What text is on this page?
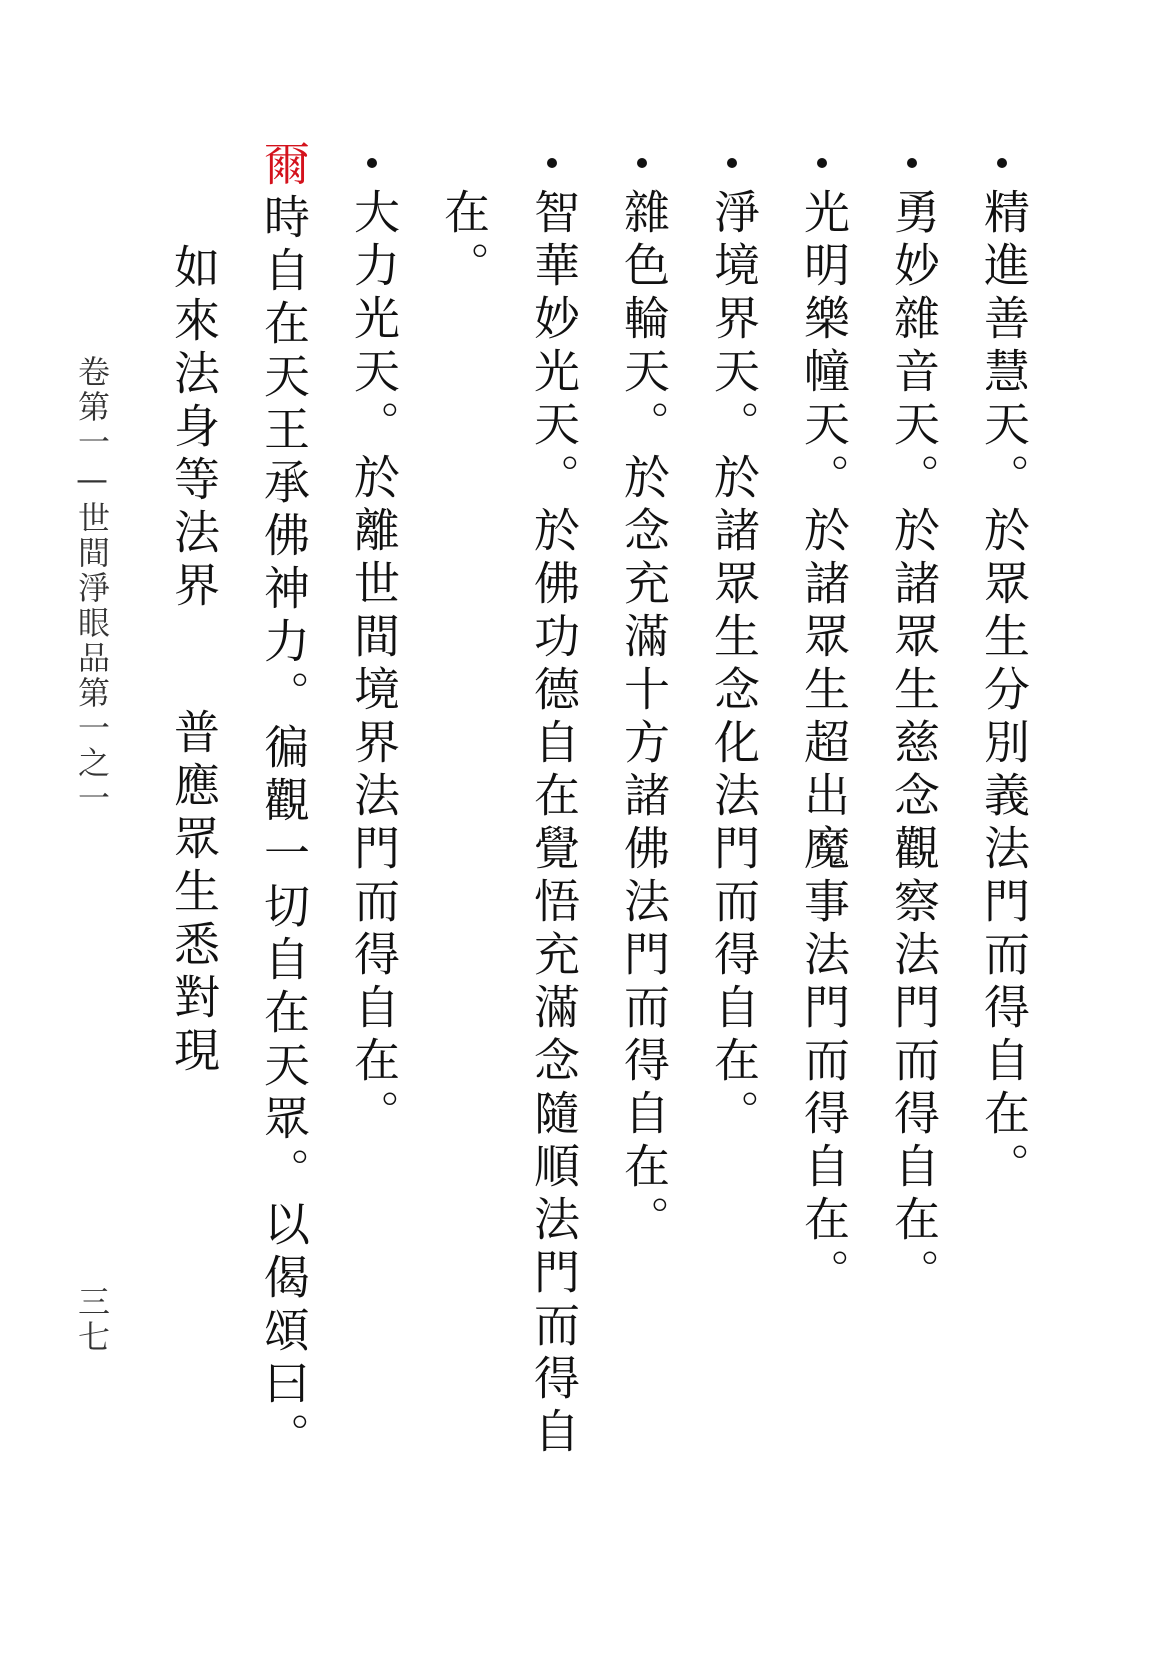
精進善慧天。於眾生分別義法門而得自在。
勇妙雜音天。於諸眾生慈念觀察法門而得自在。
光明樂幢天。於諸眾生超出魔事法門而得自在。
淨境界天。於諸眾生念化法門而得自在。
雜色輪天。於念充滿十方諸佛法門而得自在。
智華妙光天。於佛功德自在覺悟充滿念隨順法門而得自
在。
大力光天。於離世間境界法門而得自在。
爾
時自在天王承佛神力。徧觀一切自在天眾。以偈頌曰。
如來法身等法界
普應眾生悉對現
卷第一—世間淨眼品第一之一
三七
